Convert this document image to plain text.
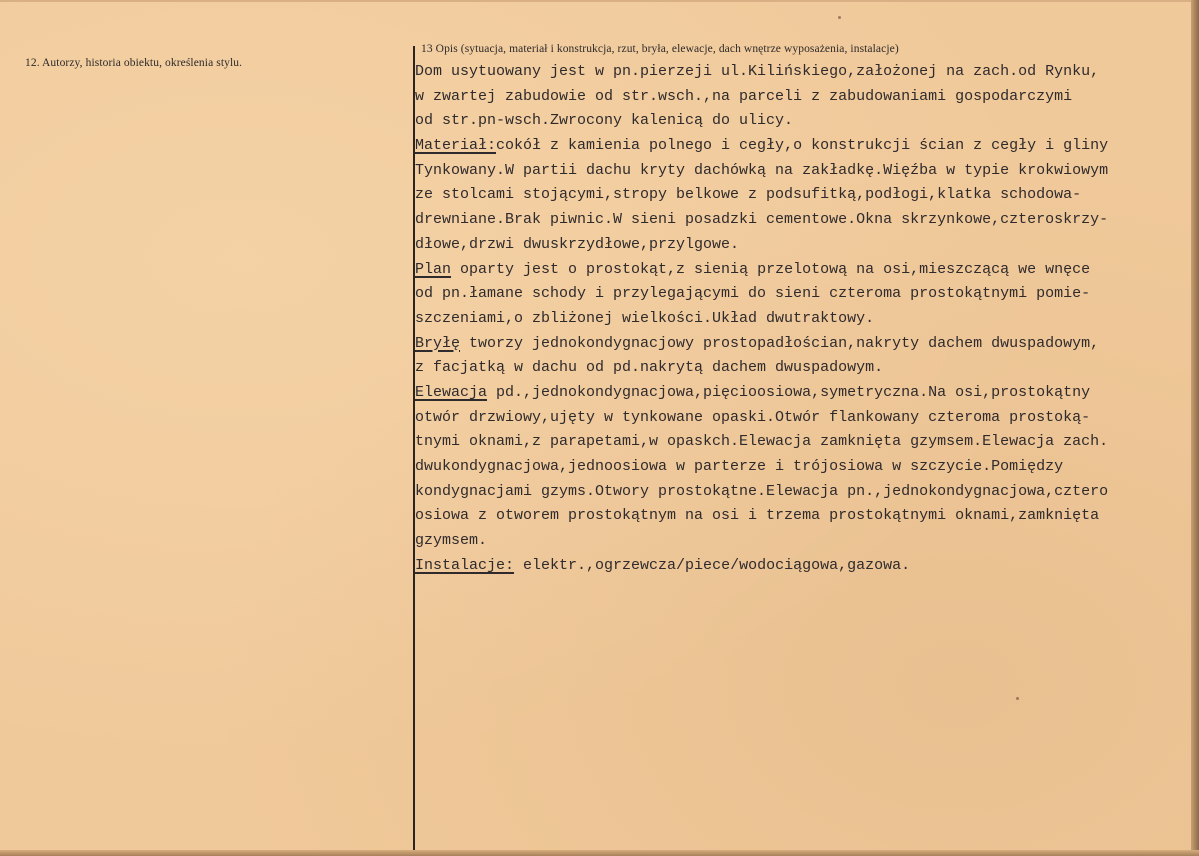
12. Autorzy, historia obiektu, określenia stylu.
13 Opis (sytuacja, materiał i konstrukcja, rzut, bryła, elewacje, dach wnętrze wyposażenia, instalacje)
Dom usytuowany jest w pn.pierzeji ul.Kilińskiego,założonej na zach.od Rynku,
w zwartej zabudowie od str.wsch.,na parceli z zabudowaniami gospodarczymi
od str.pn-wsch.Zwrocony kalenicą do ulicy.
Materiał:cokół z kamienia polnego i cegły,o konstrukcji ścian z cegły i gliny
Tynkowany.W partii dachu kryty dachówką na zakładkę.Więźba w typie krokwiowym
ze stolcami stojącymi,stropy belkowe z podsufitką,podłogi,klatka schodowa-
drewniane.Brak piwnic.W sieni posadzki cementowe.Okna skrzynkowe,czteroskrzy-
dłowe,drzwi dwuskrzydłowe,przylgowe.
Plan oparty jest o prostokąt,z sienią przelotową na osi,mieszczącą we wnęce
od pn.łamane schody i przylegającymi do sieni czteroma prostokątnymi pomie-
szczeniami,o zbliżonej wielkości.Układ dwutraktowy.
Bryłę tworzy jednokondygnacjowy prostopadłościan,nakryty dachem dwuspadowym,
z facjatką w dachu od pd.nakrytą dachem dwuspadowym.
Elewacja pd.,jednokondygnacjowa,pięcioosiowa,symetryczna.Na osi,prostokątny
otwór drzwiowy,ujęty w tynkowane opaski.Otwór flankowany czteroma prostoką-
tnymi oknami,z parapetami,w opaskch.Elewacja zamknięta gzymsem.Elewacja zach.
dwukondygnacjowa,jednoosiowa w parterze i trójosiowa w szczycie.Pomiędzy
kondygnacjami gzyms.Otwory prostokątne.Elewacja pn.,jednokondygnacjowa,cztero
osiowa z otworem prostokątnym na osi i trzema prostokątnymi oknami,zamknięta
gzymsem.
Instalacje: elektr.,ogrzewcza/piece/wodociągowa,gazowa.
